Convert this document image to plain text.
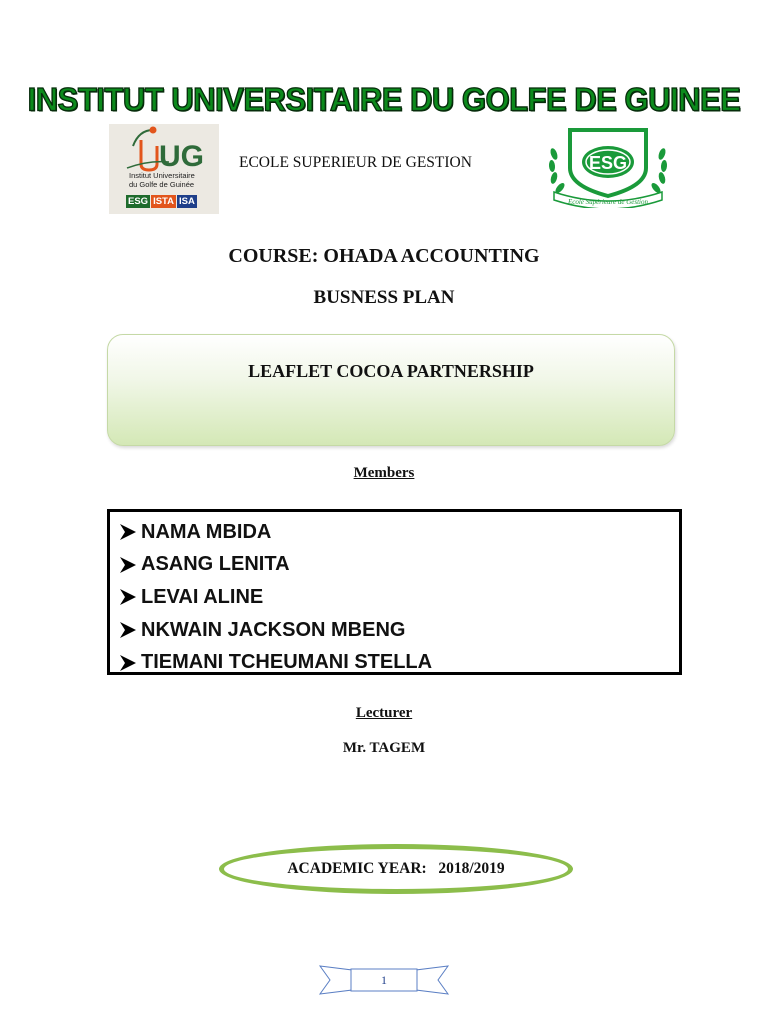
INSTITUT UNIVERSITAIRE DU GOLFE DE GUINEE
UG
Institut Universitaire
du Golfe de Guinée
ESG ISTA ISA
ECOLE SUPERIEUR DE GESTION	ESG
Ecole Supérieure de Gestion
COURSE: OHADA ACCOUNTING
BUSNESS PLAN
LEAFLET COCOA PARTNERSHIP
Members
NAMA MBIDA
ASANG LENITA
LEVAI ALINE
NKWAIN JACKSON MBENG
TIEMANI TCHEUMANI STELLA
Lecturer
Mr. TAGEM
ACADEMIC YEAR:   2018/2019
1
